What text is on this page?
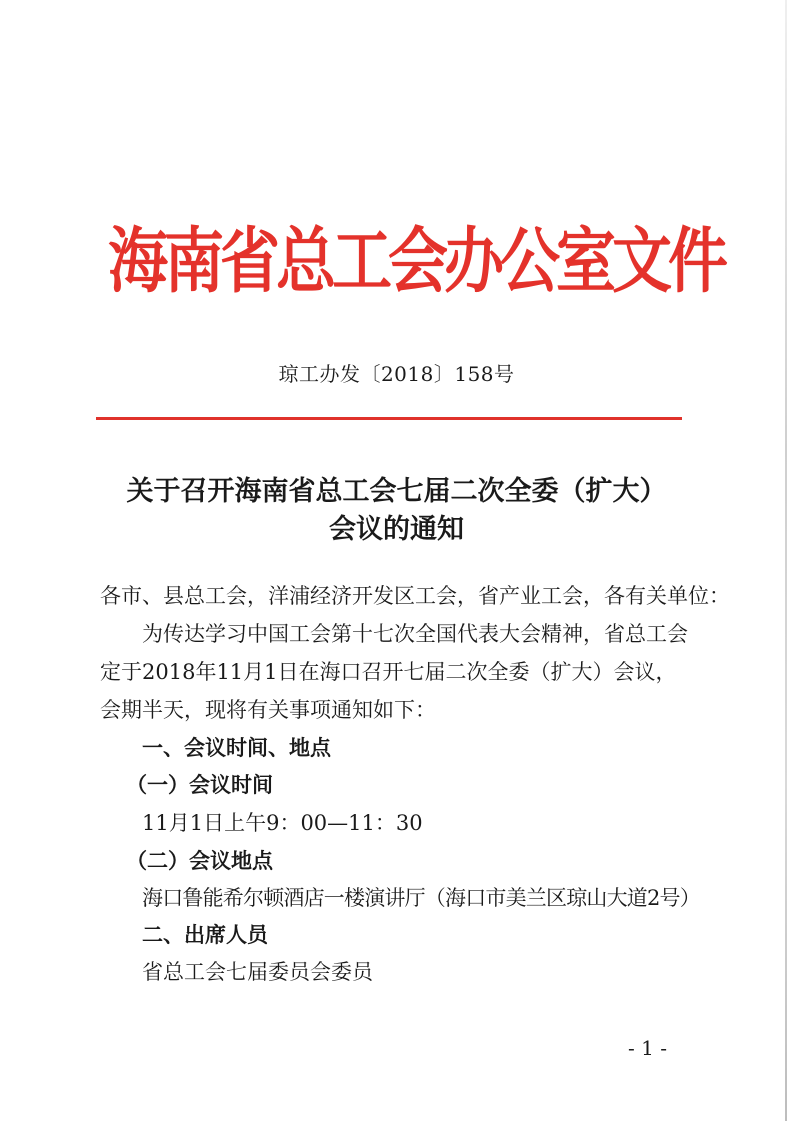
海南省总工会办公室文件
琼工办发〔2018〕158号
关于召开海南省总工会七届二次全委（扩大）
会议的通知
各市、县总工会，洋浦经济开发区工会，省产业工会，各有关单位：
为传达学习中国工会第十七次全国代表大会精神，省总工会
定于2018年11月1日在海口召开七届二次全委（扩大）会议，
会期半天，现将有关事项通知如下：
一、会议时间、地点
（一）会议时间
11月1日上午9：00—11：30
（二）会议地点
海口鲁能希尔顿酒店一楼演讲厅（海口市美兰区琼山大道2号）
二、出席人员
省总工会七届委员会委员
- 1 -
